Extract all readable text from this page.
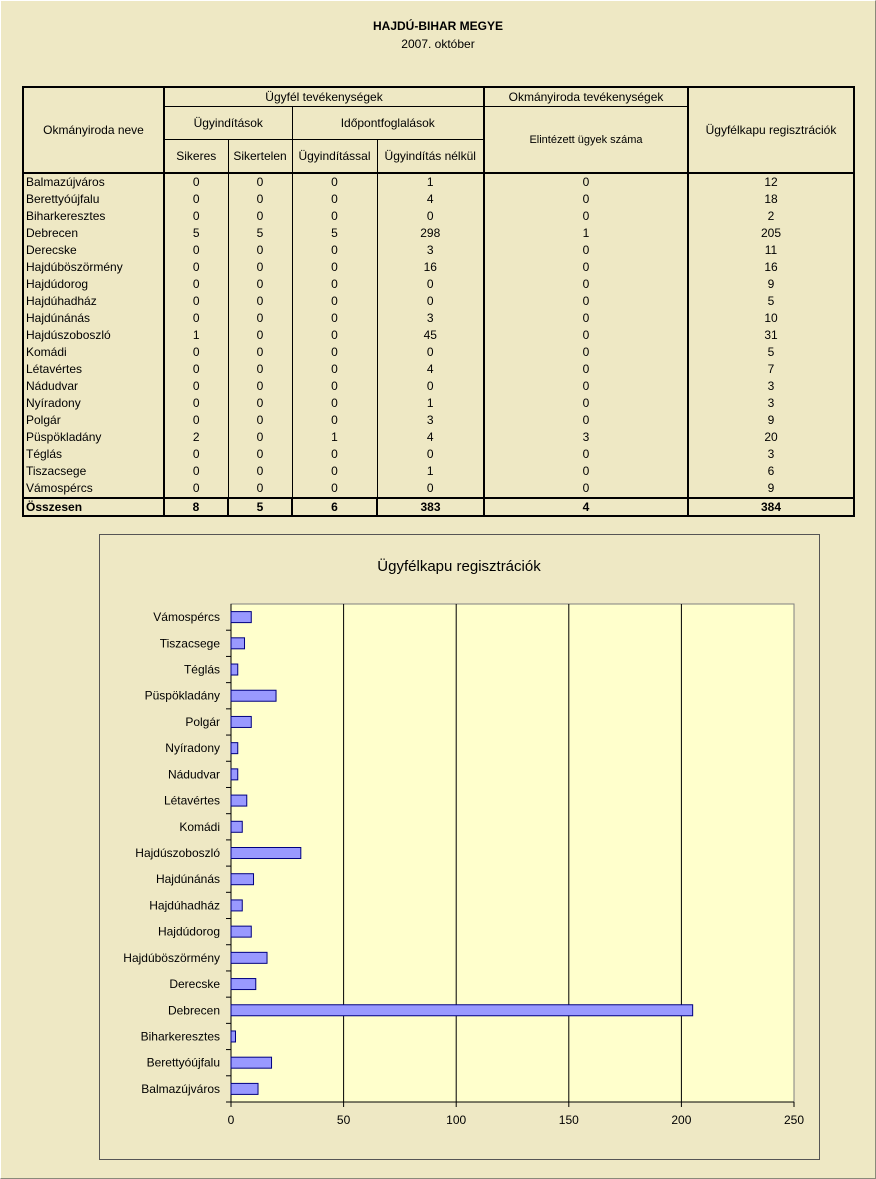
HAJDÚ-BIHAR MEGYE
2007. október
Okmányiroda neve	Ügyfél tevékenységek				Okmányiroda tevékenységek	Ügyfélkapu regisztrációk
	Ügyindítások		Időpontfoglalások		Elintézett ügyek száma	
	Sikeres	Sikertelen	Ügyindítással	Ügyindítás nélkül		
Balmazújváros	0	0	0	1	0	12
Berettyóújfalu	0	0	0	4	0	18
Biharkeresztes	0	0	0	0	0	2
Debrecen	5	5	5	298	1	205
Derecske	0	0	0	3	0	11
Hajdúböszörmény	0	0	0	16	0	16
Hajdúdorog	0	0	0	0	0	9
Hajdúhadház	0	0	0	0	0	5
Hajdúnánás	0	0	0	3	0	10
Hajdúszoboszló	1	0	0	45	0	31
Komádi	0	0	0	0	0	5
Létavértes	0	0	0	4	0	7
Nádudvar	0	0	0	0	0	3
Nyíradony	0	0	0	1	0	3
Polgár	0	0	0	3	0	9
Püspökladány	2	0	1	4	3	20
Téglás	0	0	0	0	0	3
Tiszacsege	0	0	0	1	0	6
Vámospércs	0	0	0	0	0	9
Összesen	8	5	6	383	4	384
Ügyfélkapu regisztrációk
0	50	100	150	200	250
Balmazújváros
Berettyóújfalu
Biharkeresztes
Debrecen
Derecske
Hajdúböszörmény
Hajdúdorog
Hajdúhadház
Hajdúnánás
Hajdúszoboszló
Komádi
Létavértes
Nádudvar
Nyíradony
Polgár
Püspökladány
Téglás
Tiszacsege
Vámospércs
